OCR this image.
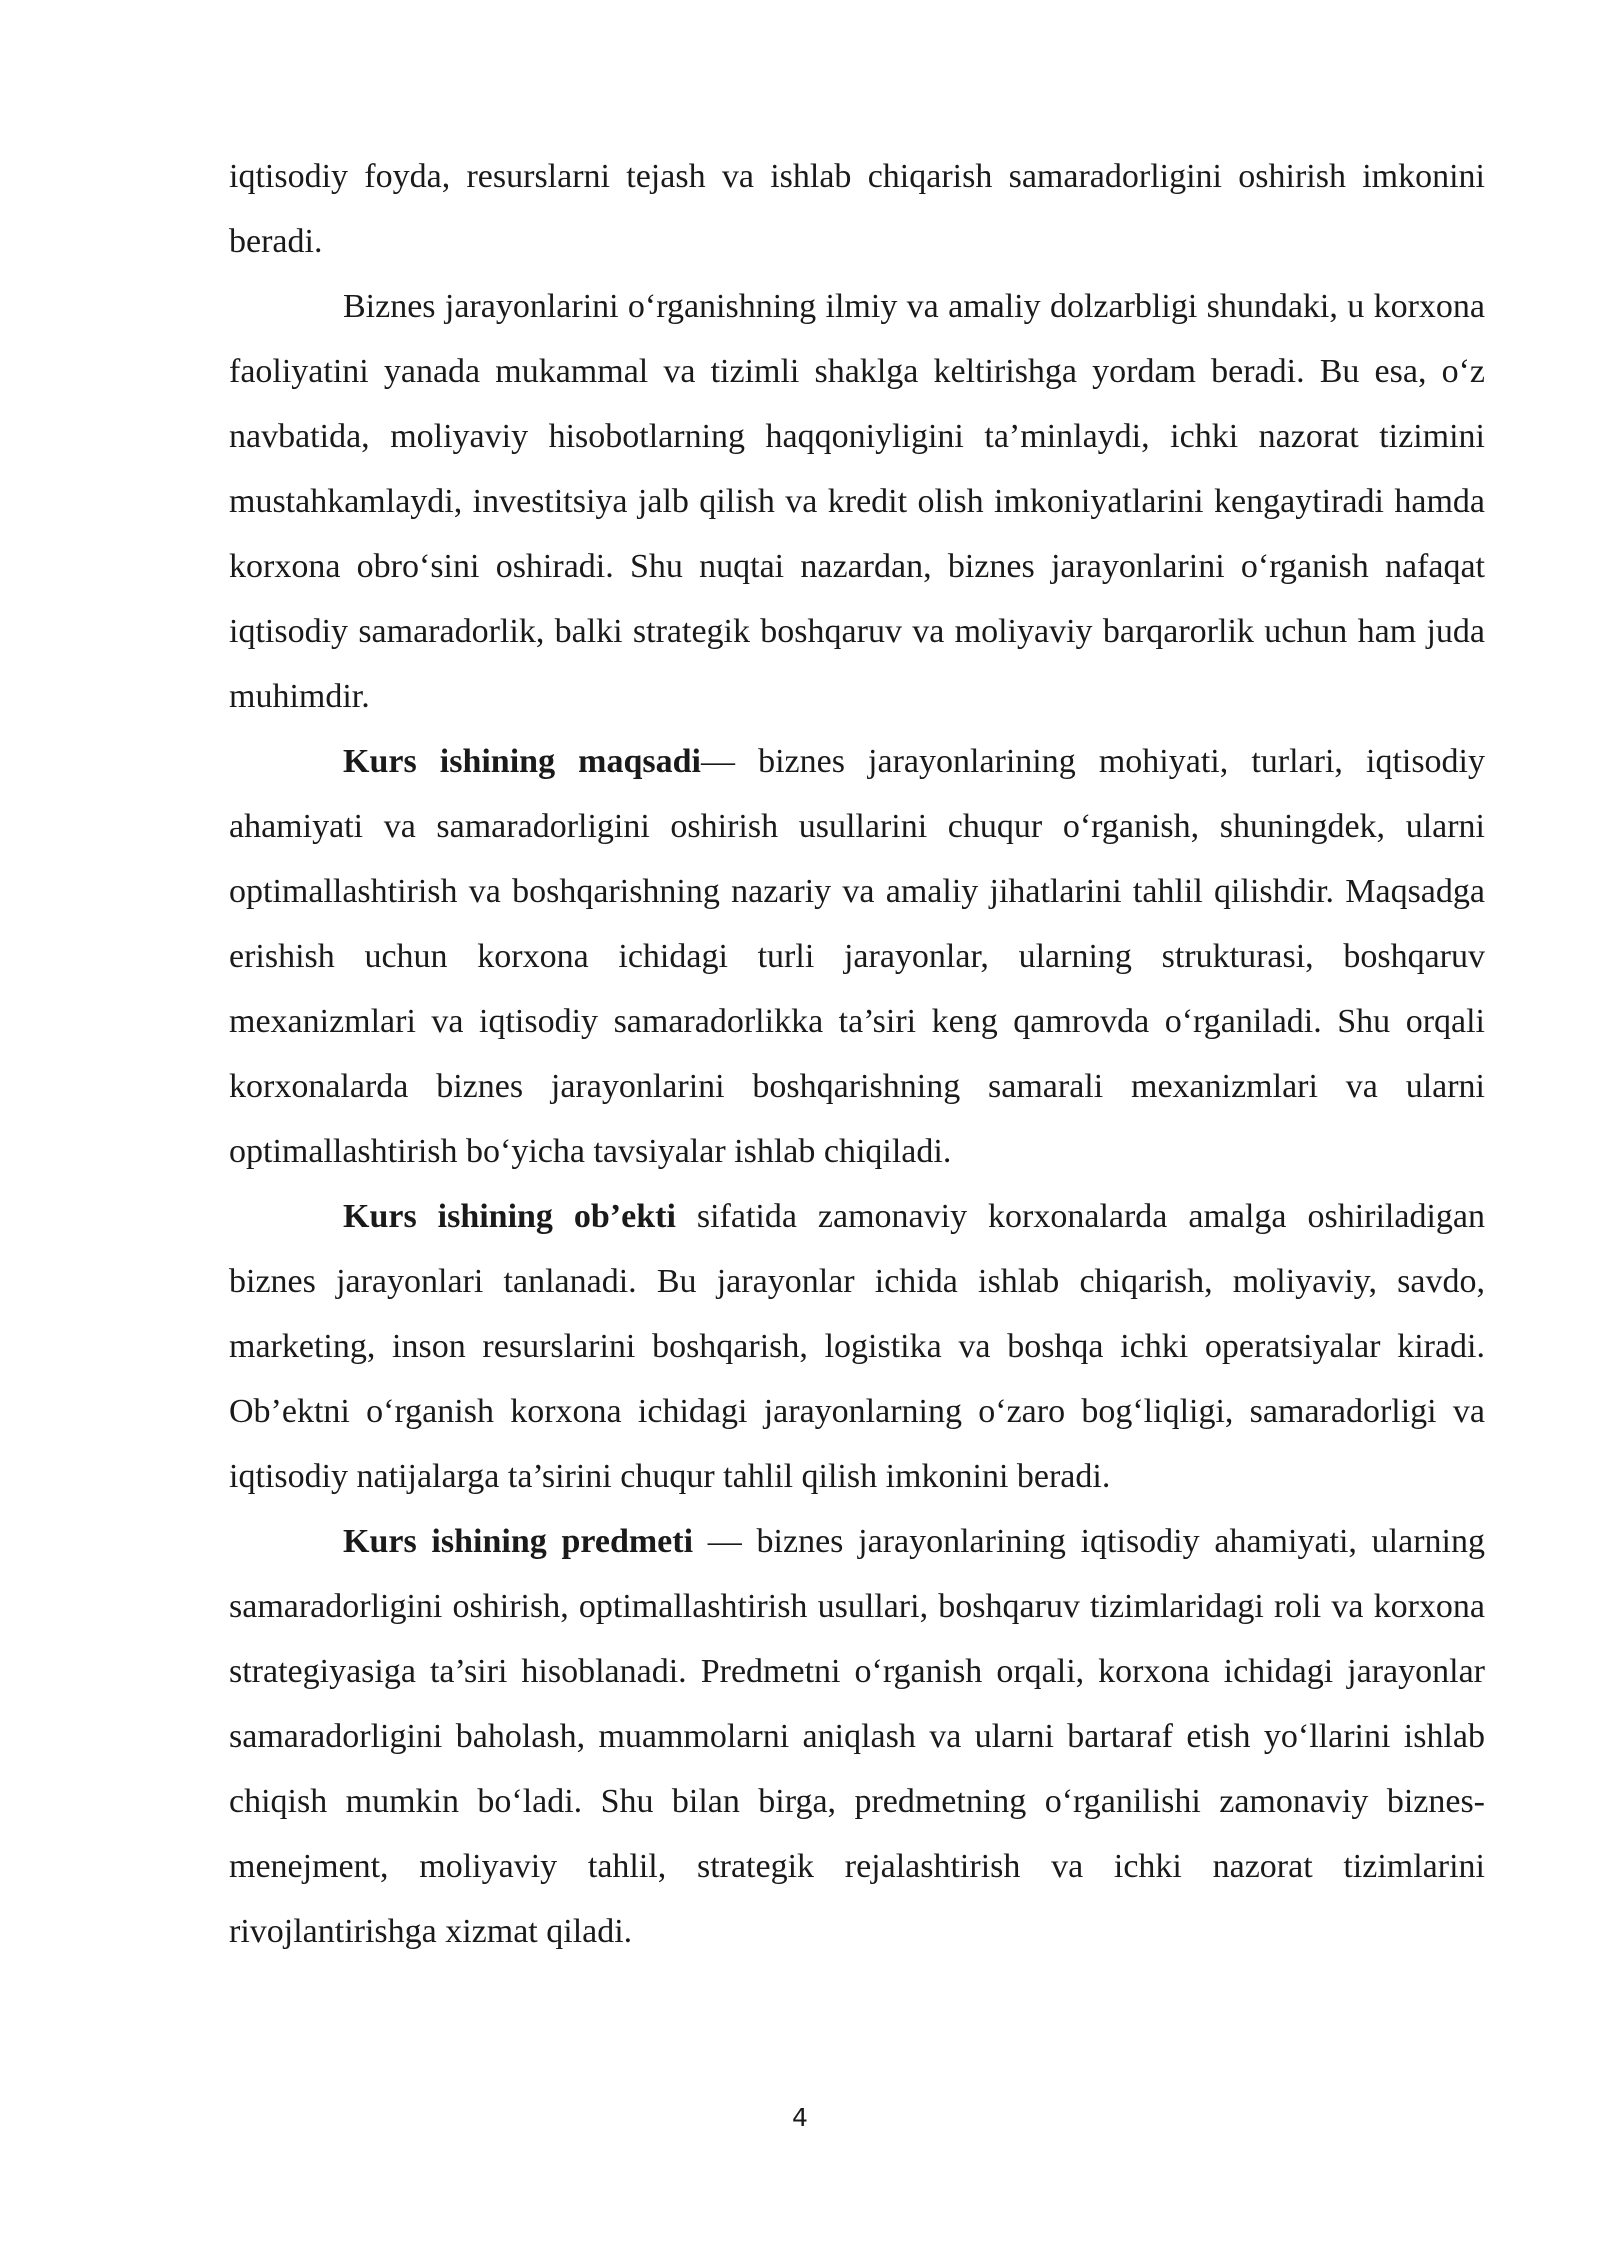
iqtisodiy foyda, resurslarni tejash va ishlab chiqarish samaradorligini oshirish imkonini beradi.

Biznes jarayonlarini o‘rganishning ilmiy va amaliy dolzarbligi shundaki, u korxona faoliyatini yanada mukammal va tizimli shaklga keltirishga yordam beradi. Bu esa, o‘z navbatida, moliyaviy hisobotlarning haqqoniyligini ta’minlaydi, ichki nazorat tizimini mustahkamlaydi, investitsiya jalb qilish va kredit olish imkoniyatlarini kengaytiradi hamda korxona obro‘sini oshiradi. Shu nuqtai nazardan, biznes jarayonlarini o‘rganish nafaqat iqtisodiy samaradorlik, balki strategik boshqaruv va moliyaviy barqarorlik uchun ham juda muhimdir.

Kurs ishining maqsadi— biznes jarayonlarining mohiyati, turlari, iqtisodiy ahamiyati va samaradorligini oshirish usullarini chuqur o‘rganish, shuningdek, ularni optimallashtirish va boshqarishning nazariy va amaliy jihatlarini tahlil qilishdir. Maqsadga erishish uchun korxona ichidagi turli jarayonlar, ularning strukturasi, boshqaruv mexanizmlari va iqtisodiy samaradorlikka ta’siri keng qamrovda o‘rganiladi. Shu orqali korxonalarda biznes jarayonlarini boshqarishning samarali mexanizmlari va ularni optimallashtirish bo‘yicha tavsiyalar ishlab chiqiladi.

Kurs ishining ob’ekti sifatida zamonaviy korxonalarda amalga oshiriladigan biznes jarayonlari tanlanadi. Bu jarayonlar ichida ishlab chiqarish, moliyaviy, savdo, marketing, inson resurslarini boshqarish, logistika va boshqa ichki operatsiyalar kiradi. Ob’ektni o‘rganish korxona ichidagi jarayonlarning o‘zaro bog‘liqligi, samaradorligi va iqtisodiy natijalarga ta’sirini chuqur tahlil qilish imkonini beradi.

Kurs ishining predmeti — biznes jarayonlarining iqtisodiy ahamiyati, ularning samaradorligini oshirish, optimallashtirish usullari, boshqaruv tizimlaridagi roli va korxona strategiyasiga ta’siri hisoblanadi. Predmetni o‘rganish orqali, korxona ichidagi jarayonlar samaradorligini baholash, muammolarni aniqlash va ularni bartaraf etish yo‘llarini ishlab chiqish mumkin bo‘ladi. Shu bilan birga, predmetning o‘rganilishi zamonaviy biznes-menejment, moliyaviy tahlil, strategik rejalashtirish va ichki nazorat tizimlarini rivojlantirishga xizmat qiladi.

4
